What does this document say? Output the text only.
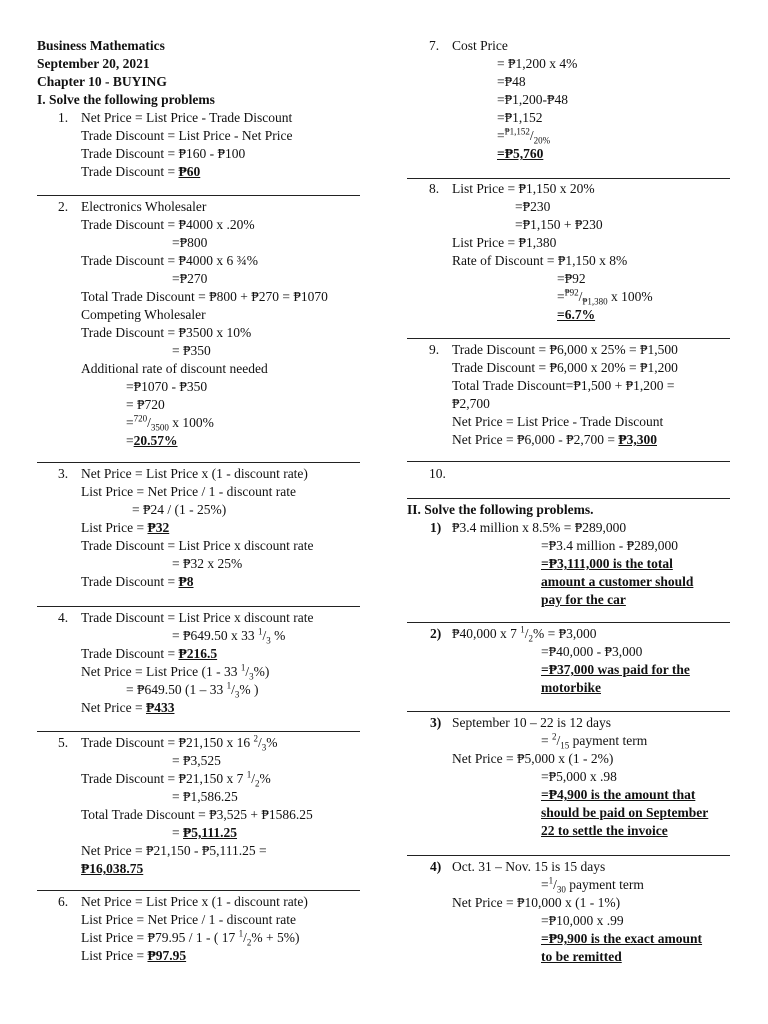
Business Mathematics
September 20, 2021
Chapter 10 - BUYING
I. Solve the following problems
1. Net Price = List Price - Trade Discount
Trade Discount = List Price - Net Price
Trade Discount = ₱160 - ₱100
Trade Discount = ₱60
2. Electronics Wholesaler
Trade Discount = ₱4000 x .20%
=₱800
Trade Discount = ₱4000 x 6 ¾%
=₱270
Total Trade Discount = ₱800 + ₱270 = ₱1070
Competing Wholesaler
Trade Discount = ₱3500 x 10%
= ₱350
Additional rate of discount needed
=₱1070 - ₱350
= ₱720
$=^{720}/_{3500}$ x 100%
=20.57%
3. Net Price = List Price x (1 - discount rate)
List Price = Net Price / 1 - discount rate
= ₱24 / (1 - 25%)
List Price = ₱32
Trade Discount = List Price x discount rate
= ₱32 x 25%
Trade Discount = ₱8
4. Trade Discount = List Price x discount rate
= ₱649.50 x 33 $^1/_3$ %
Trade Discount = ₱216.5
Net Price = List Price (1 - 33 $^1/_3\%$)
= ₱649.50 (1 – 33 $^1/_3\%$ )
Net Price = ₱433
5. Trade Discount = ₱21,150 x 16 $^2/_3\%$
= ₱3,525
Trade Discount = ₱21,150 x 7 $^1/_2\%$
= ₱1,586.25
Total Trade Discount = ₱3,525 + ₱1586.25
= ₱5,111.25
Net Price = ₱21,150 - ₱5,111.25 =
₱16,038.75
6. Net Price = List Price x (1 - discount rate)
List Price = Net Price / 1 - discount rate
List Price = ₱79.95 / 1 - ( 17 $^1/_2\% + 5\%$)
List Price = ₱97.95
7. Cost Price
= ₱1,200 x 4%
=₱48
=₱1,200-₱48
=₱1,152
$=^{₱1,152}/_{20\%}$
=₱5,760
8. List Price = ₱1,150 x 20%
=₱230
=₱1,150 + ₱230
List Price = ₱1,380
Rate of Discount = ₱1,150 x 8%
=₱92
$=^{₱92}/_{₱1,380}$ x 100%
=6.7%
9. Trade Discount = ₱6,000 x 25% = ₱1,500
Trade Discount = ₱6,000 x 20% = ₱1,200
Total Trade Discount=₱1,500 + ₱1,200 =
₱2,700
Net Price = List Price - Trade Discount
Net Price = ₱6,000 - ₱2,700 = ₱3,300
10.
II. Solve the following problems.
1) ₱3.4 million x 8.5% = ₱289,000
=₱3.4 million - ₱289,000
=₱3,111,000 is the total
amount a customer should
pay for the car
2) ₱40,000 x 7 $^1/_2\%$ = ₱3,000
=₱40,000 - ₱3,000
=₱37,000 was paid for the
motorbike
3) September 10 – 22 is 12 days
= $^2/_{15}$ payment term
Net Price = ₱5,000 x (1 - 2%)
=₱5,000 x .98
=₱4,900 is the amount that
should be paid on September
22 to settle the invoice
4) Oct. 31 – Nov. 15 is 15 days
$=^1/_{30}$ payment term
Net Price = ₱10,000 x (1 - 1%)
=₱10,000 x .99
=₱9,900 is the exact amount
to be remitted
